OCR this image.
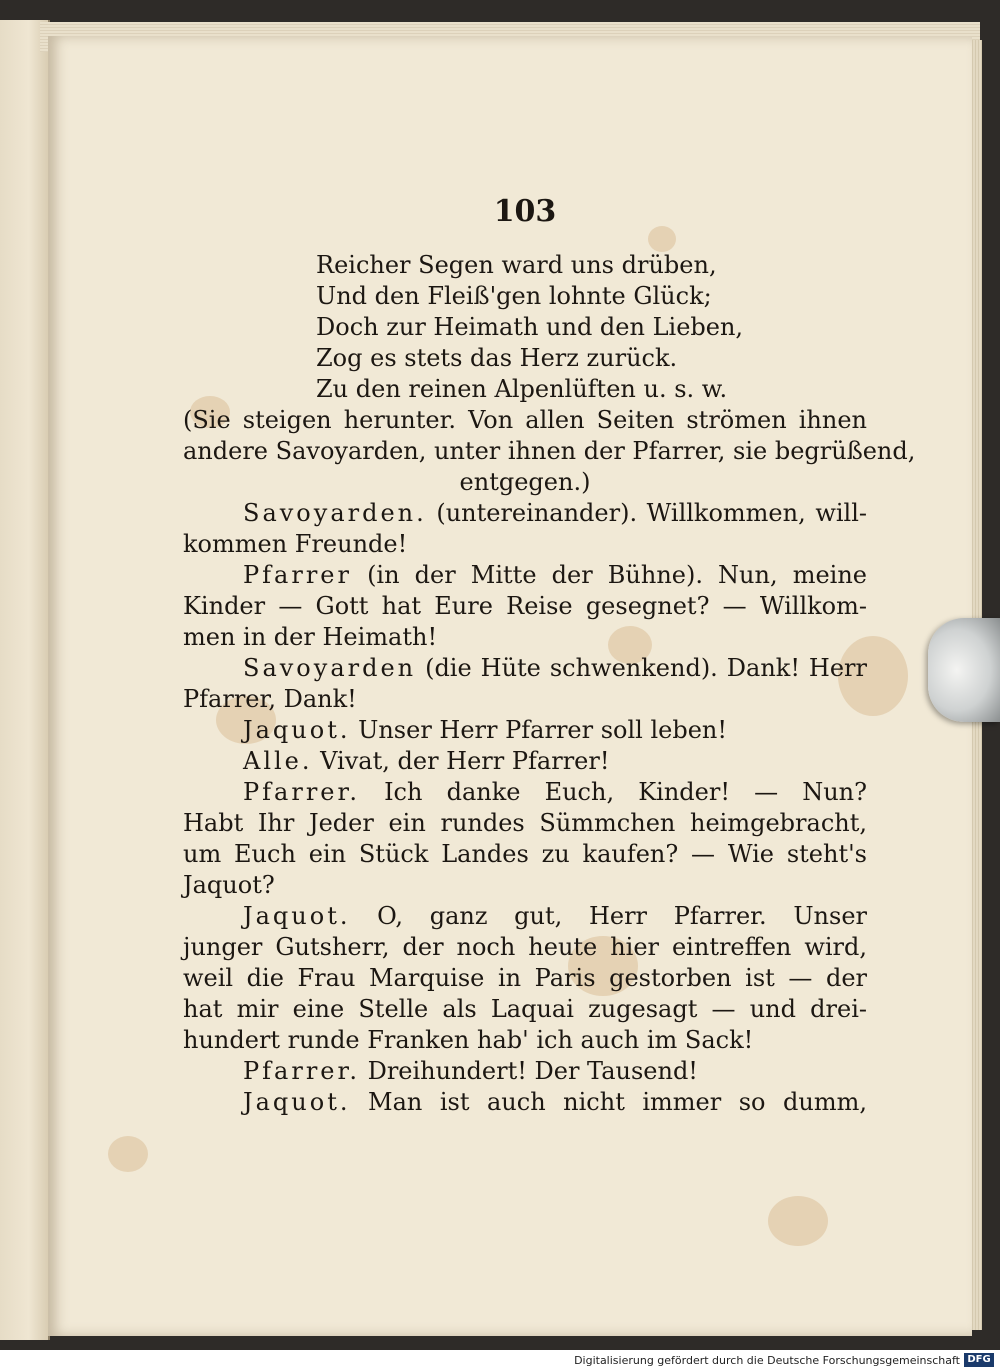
103
Reicher Segen ward uns drüben,
Und den Fleiß'gen lohnte Glück;
Doch zur Heimath und den Lieben,
Zog es stets das Herz zurück.
Zu den reinen Alpenlüften u. s. w.
(Sie steigen herunter. Von allen Seiten strömen ihnen
andere Savoyarden, unter ihnen der Pfarrer, sie begrüßend,
entgegen.)
Savoyarden. (untereinander). Willkommen, will-
kommen Freunde!
Pfarrer (in der Mitte der Bühne). Nun, meine
Kinder — Gott hat Eure Reise gesegnet? — Willkom-
men in der Heimath!
Savoyarden (die Hüte schwenkend). Dank! Herr
Pfarrer, Dank!
Jaquot. Unser Herr Pfarrer soll leben!
Alle. Vivat, der Herr Pfarrer!
Pfarrer. Ich danke Euch, Kinder! — Nun?
Habt Ihr Jeder ein rundes Sümmchen heimgebracht,
um Euch ein Stück Landes zu kaufen? — Wie steht's
Jaquot?
Jaquot. O, ganz gut, Herr Pfarrer. Unser
junger Gutsherr, der noch heute hier eintreffen wird,
weil die Frau Marquise in Paris gestorben ist — der
hat mir eine Stelle als Laquai zugesagt — und drei-
hundert runde Franken hab' ich auch im Sack!
Pfarrer. Dreihundert! Der Tausend!
Jaquot. Man ist auch nicht immer so dumm,
Digitalisierung gefördert durch die Deutsche Forschungsgemeinschaft DFG
